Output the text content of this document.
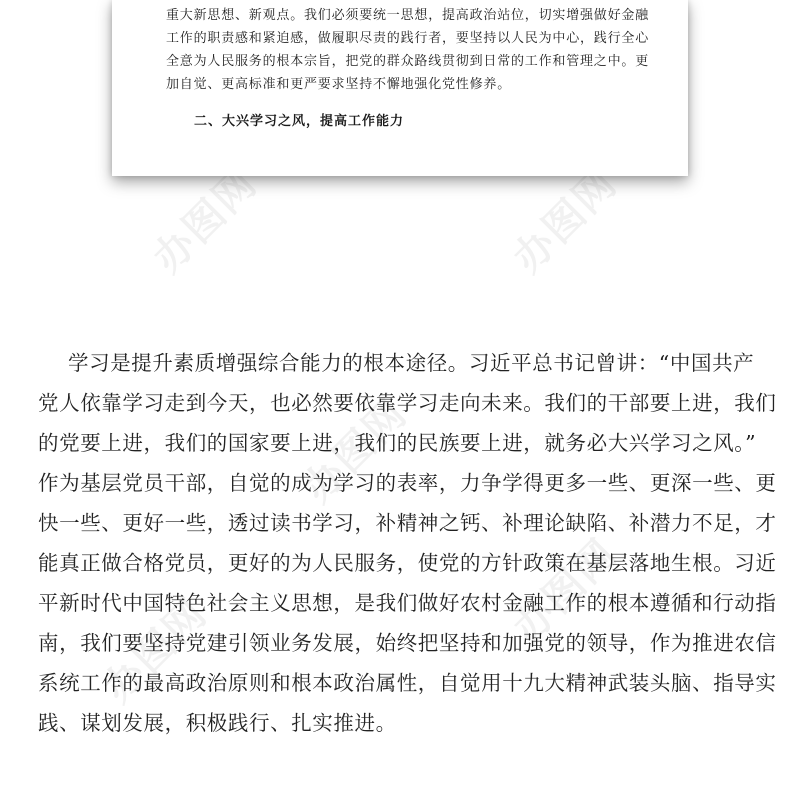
办图网	办图网
办图网
办图网
办图网
重大新思想、新观点。我们必须要统一思想，提高政治站位，切实增强做好金融
工作的职责感和紧迫感，做履职尽责的践行者，要坚持以人民为中心，践行全心
全意为人民服务的根本宗旨，把党的群众路线贯彻到日常的工作和管理之中。更
加自觉、更高标准和更严要求坚持不懈地强化党性修养。
二、大兴学习之风，提高工作能力
学习是提升素质增强综合能力的根本途径。习近平总书记曾讲：“中国共产
党人依靠学习走到今天，也必然要依靠学习走向未来。我们的干部要上进，我们
的党要上进，我们的国家要上进，我们的民族要上进，就务必大兴学习之风。”
作为基层党员干部，自觉的成为学习的表率，力争学得更多一些、更深一些、更
快一些、更好一些，透过读书学习，补精神之钙、补理论缺陷、补潜力不足，才
能真正做合格党员，更好的为人民服务，使党的方针政策在基层落地生根。习近
平新时代中国特色社会主义思想，是我们做好农村金融工作的根本遵循和行动指
南，我们要坚持党建引领业务发展，始终把坚持和加强党的领导，作为推进农信
系统工作的最高政治原则和根本政治属性，自觉用十九大精神武装头脑、指导实
践、谋划发展，积极践行、扎实推进。
